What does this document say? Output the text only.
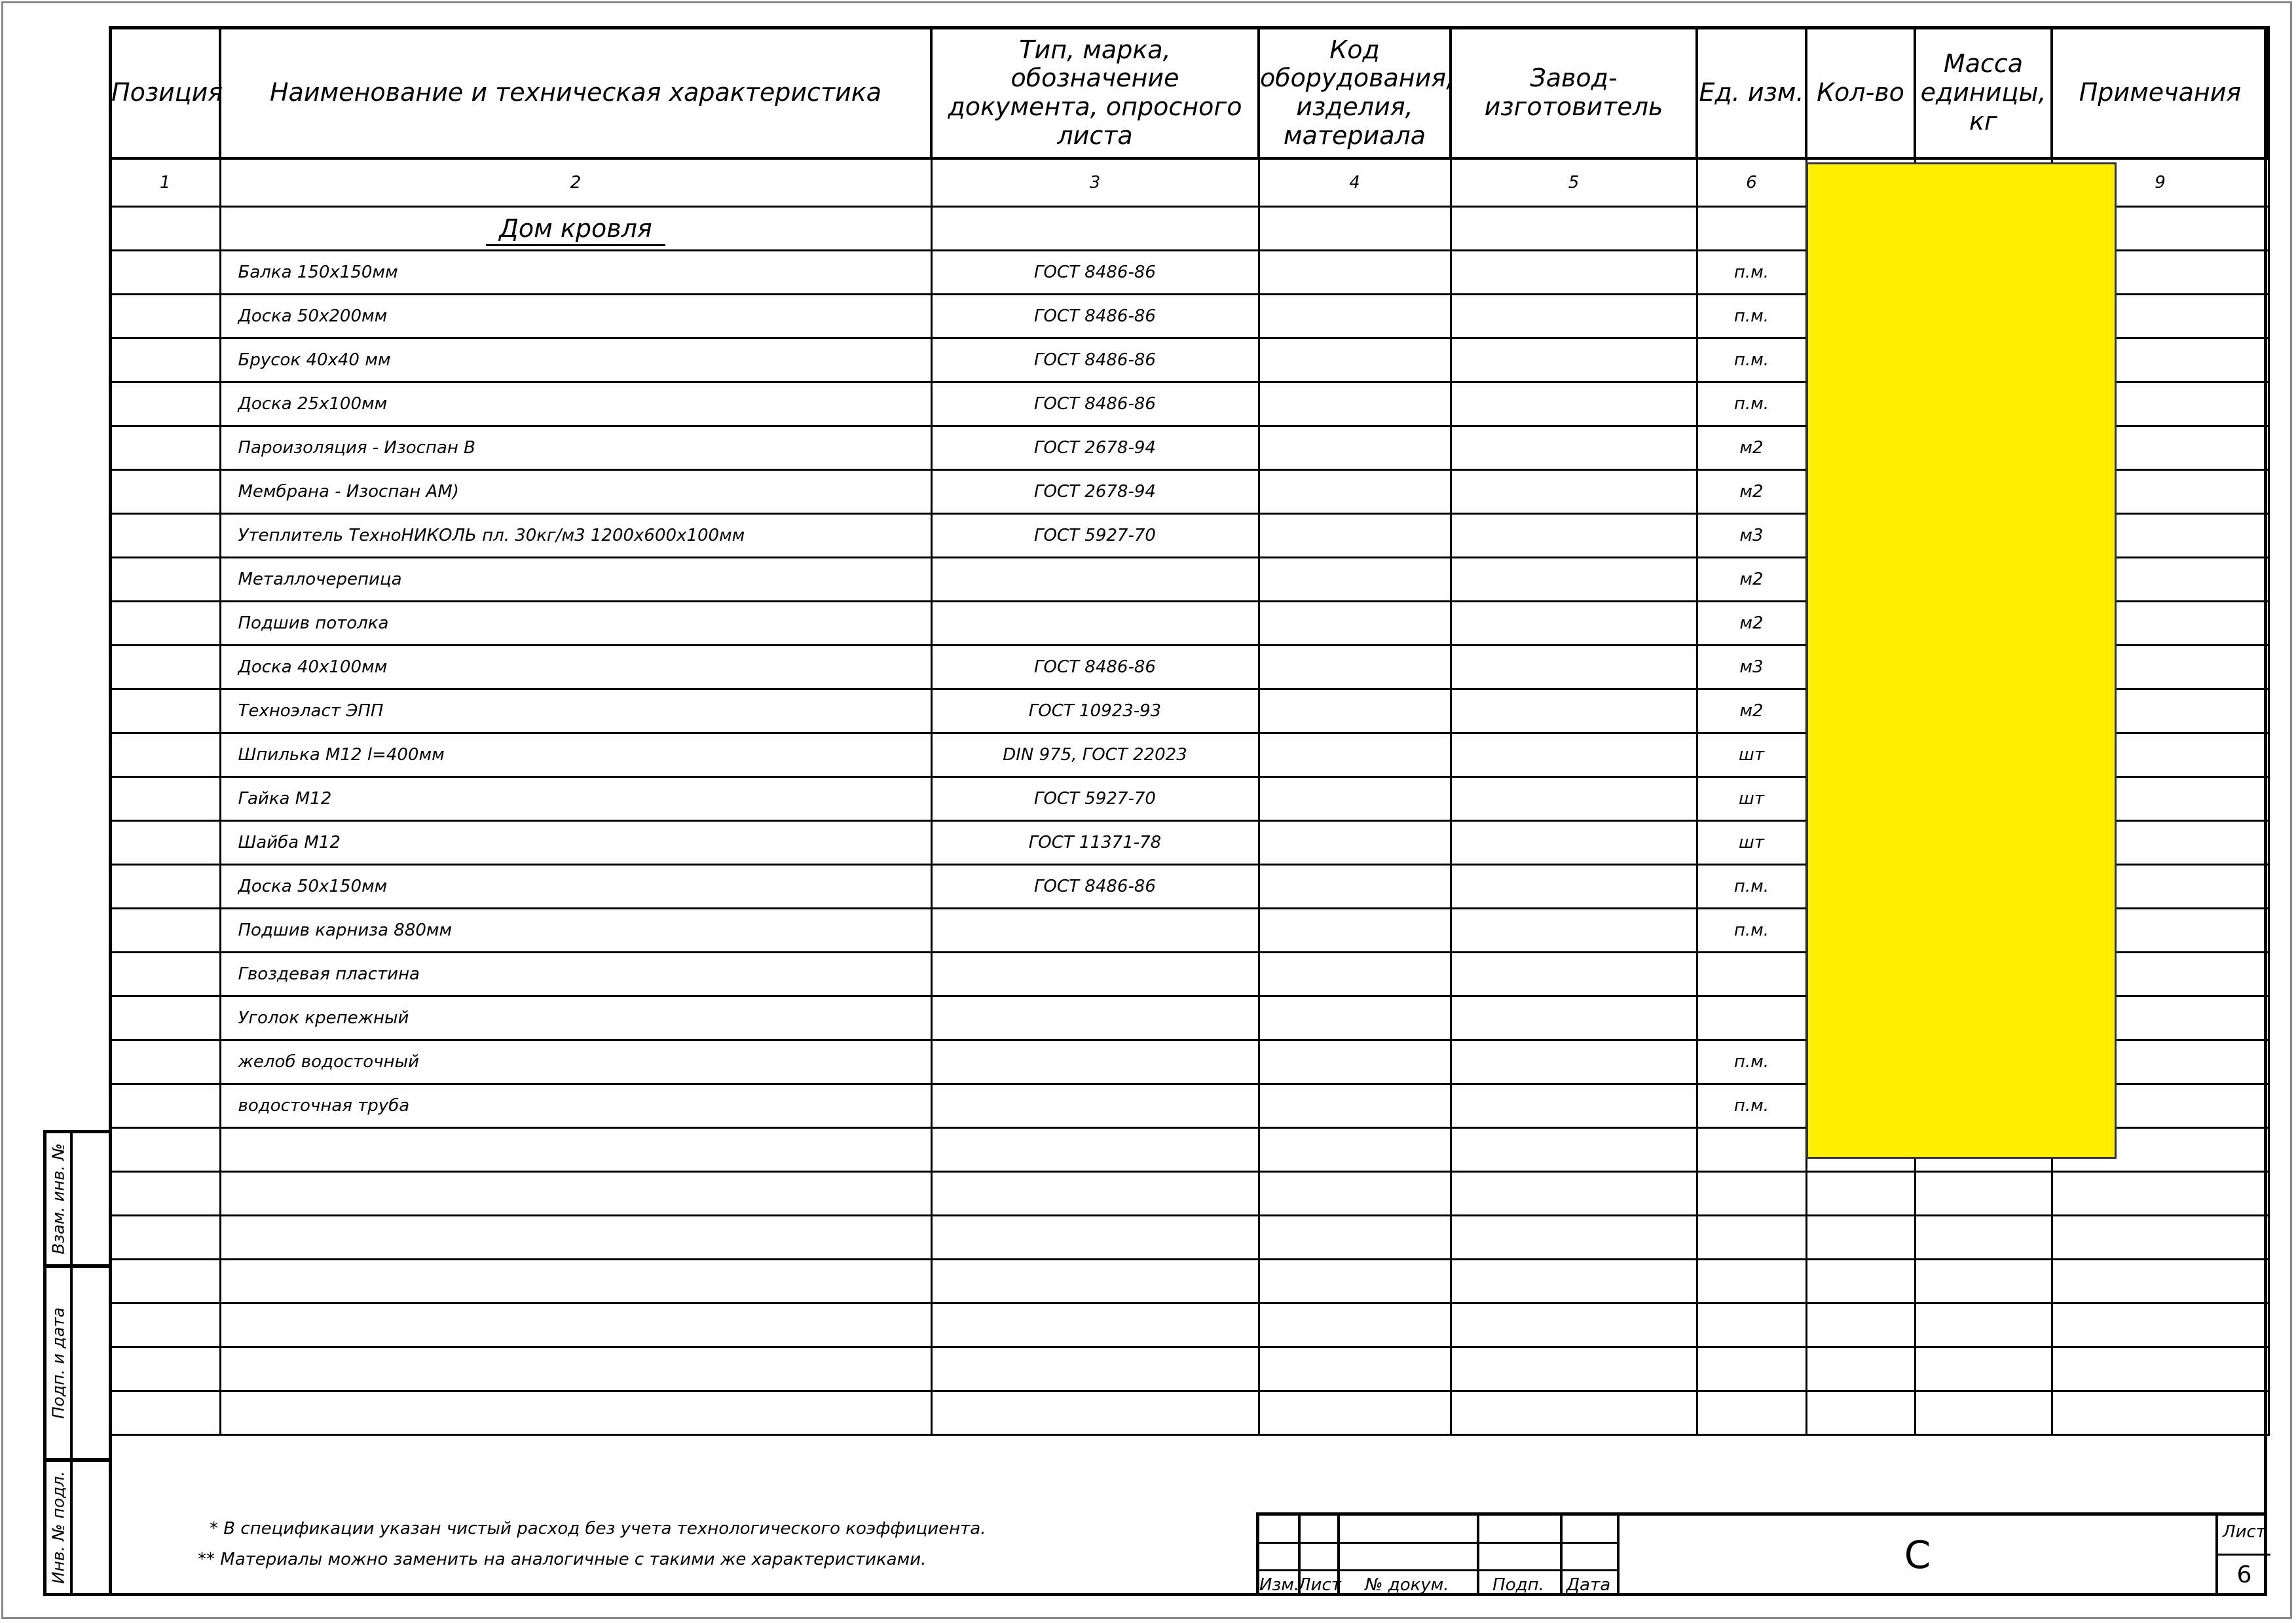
Позиция	Наименование и техническая характеристика	Тип, марка, обозначение документа, опросного листа	Код оборудования, изделия, материала	Завод-изготовитель	Ед. изм.	Кол-во	Масса единицы, кг	Примечания
1	2	3	4	5	6			9
	Дом кровля							
	Балка 150x150мм	ГОСТ 8486-86			п.м.			

	Доска 50x200мм	ГОСТ 8486-86			п.м.			

	Брусок 40x40 мм	ГОСТ 8486-86			п.м.			

	Доска 25x100мм	ГОСТ 8486-86			п.м.			

	Пароизоляция - Изоспан В	ГОСТ 2678-94			м2			

	Мембрана - Изоспан АМ)	ГОСТ 2678-94			м2			

	Утеплитель ТехноНИКОЛЬ пл. 30кг/м3 1200x600x100мм	ГОСТ 5927-70			м3			

	Металлочерепица				м2			

	Подшив потолка				м2			

	Доска 40x100мм	ГОСТ 8486-86			м3			

	Техноэласт ЭПП	ГОСТ 10923-93			м2			

	Шпилька М12 l=400мм	DIN 975, ГОСТ 22023			шт			

	Гайка М12	ГОСТ 5927-70			шт			

	Шайба М12	ГОСТ 11371-78			шт			

	Доска 50x150мм	ГОСТ 8486-86			п.м.			

	Подшив карниза 880мм				п.м.			

	Гвоздевая пластина							

	Уголок крепежный							

	желоб водосточный				п.м.			

	водосточная труба				п.м.			

Взам. инв. №
Подп. и дата
Инв. № подл.	* В спецификации указан чистый расход без учета технологического коэффициента.
** Материалы можно заменить на аналогичные с такими же характеристиками.
Изм.
Лист	№ докум.	Подп.	Дата
С
Лист
6
